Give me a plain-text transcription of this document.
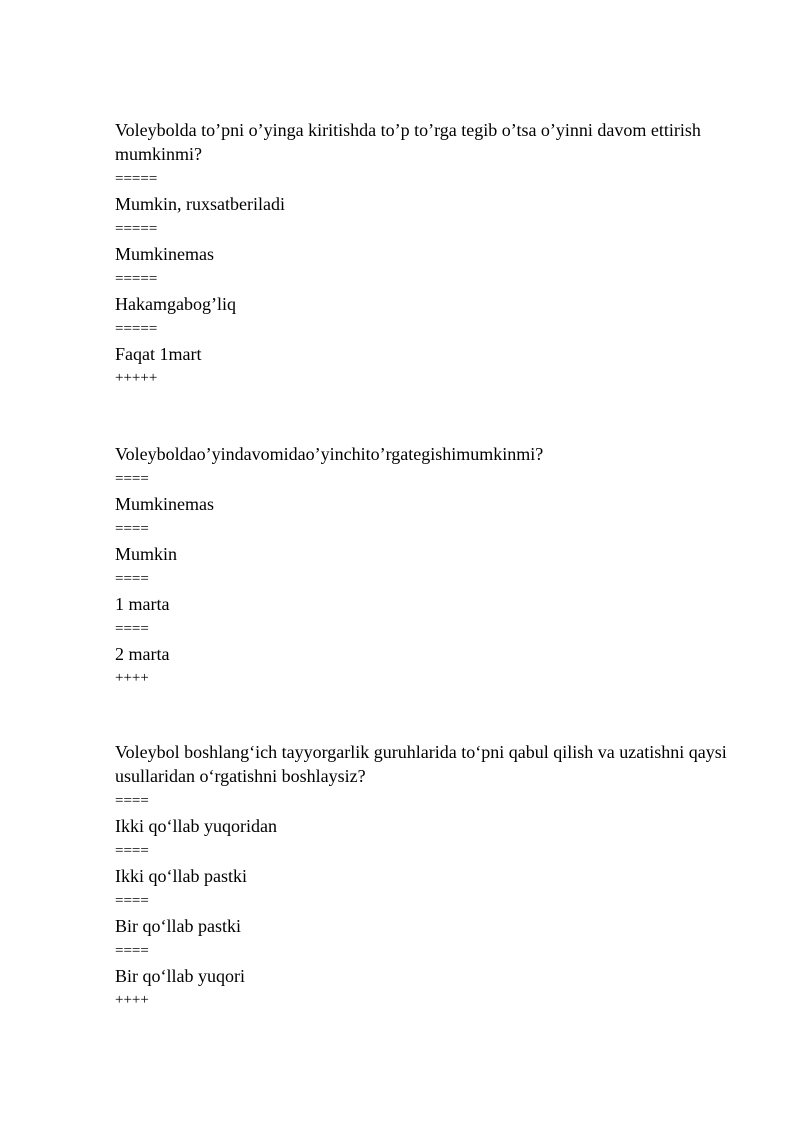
Voleybolda to’pni o’yinga kiritishda to’p to’rga tegib o’tsa o’yinni davom ettirish mumkinmi?
=====
Mumkin, ruxsatberiladi
=====
Mumkinemas
=====
Hakamgabog’liq
=====
Faqat 1mart
+++++
Voleyboldao’yindavomidao’yinchito’rgategishimumkinmi?
====
Mumkinemas
====
Mumkin
====
1 marta
====
2 marta
++++
Voleybol boshlang‘ich tayyorgarlik guruhlarida to‘pni qabul qilish va uzatishni qaysi usullaridan o‘rgatishni boshlaysiz?
====
Ikki qo‘llab yuqoridan
====
Ikki qo‘llab pastki
====
Bir qo‘llab pastki
====
Bir qo‘llab yuqori
++++
